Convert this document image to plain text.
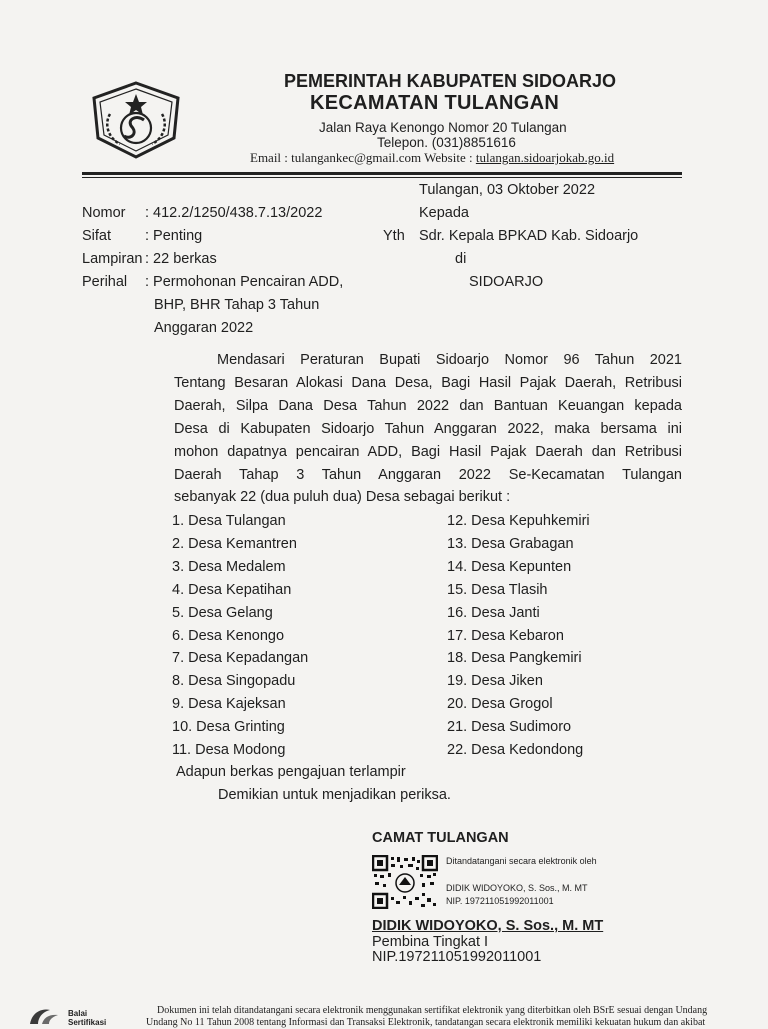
PEMERINTAH KABUPATEN SIDOARJO
KECAMATAN TULANGAN
Jalan Raya Kenongo Nomor 20 Tulangan
Telepon. (031)8851616
Email : tulangankec@gmail.com Website : tulangan.sidoarjokab.go.id
Tulangan, 03 Oktober 2022
Kepada
Yth Sdr. Kepala BPKAD Kab. Sidoarjo
di
SIDOARJO
Nomor : 412.2/1250/438.7.13/2022
Sifat : Penting
Lampiran : 22 berkas
Perihal : Permohonan Pencairan ADD,
BHP, BHR Tahap 3 Tahun
Anggaran 2022
Mendasari Peraturan Bupati Sidoarjo Nomor 96 Tahun 2021
Tentang Besaran Alokasi Dana Desa, Bagi Hasil Pajak Daerah, Retribusi
Daerah, Silpa Dana Desa Tahun 2022 dan Bantuan Keuangan kepada
Desa di Kabupaten Sidoarjo Tahun Anggaran 2022, maka bersama ini
mohon dapatnya pencairan ADD, Bagi Hasil Pajak Daerah dan Retribusi
Daerah Tahap 3 Tahun Anggaran 2022 Se-Kecamatan Tulangan
sebanyak 22 (dua puluh dua) Desa sebagai berikut :
1. Desa Tulangan
2. Desa Kemantren
3. Desa Medalem
4. Desa Kepatihan
5. Desa Gelang
6. Desa Kenongo
7. Desa Kepadangan
8. Desa Singopadu
9. Desa Kajeksan
10. Desa Grinting
11. Desa Modong
12. Desa Kepuhkemiri
13. Desa Grabagan
14. Desa Kepunten
15. Desa Tlasih
16. Desa Janti
17. Desa Kebaron
18. Desa Pangkemiri
19. Desa Jiken
20. Desa Grogol
21. Desa Sudimoro
22. Desa Kedondong
Adapun berkas pengajuan terlampir
Demikian untuk menjadikan periksa.
CAMAT TULANGAN
Ditandatangani secara elektronik oleh
DIDIK WIDOYOKO, S. Sos., M. MT
NIP. 197211051992011001
DIDIK WIDOYOKO, S. Sos., M. MT
Pembina Tingkat I
NIP.197211051992011001
Balai Sertifikasi
Dokumen ini telah ditandatangani secara elektronik menggunakan sertifikat elektronik yang diterbitkan oleh BSrE sesuai dengan Undang
Undang No 11 Tahun 2008 tentang Informasi dan Transaksi Elektronik, tandatangan secara elektronik memiliki kekuatan hukum dan akibat
